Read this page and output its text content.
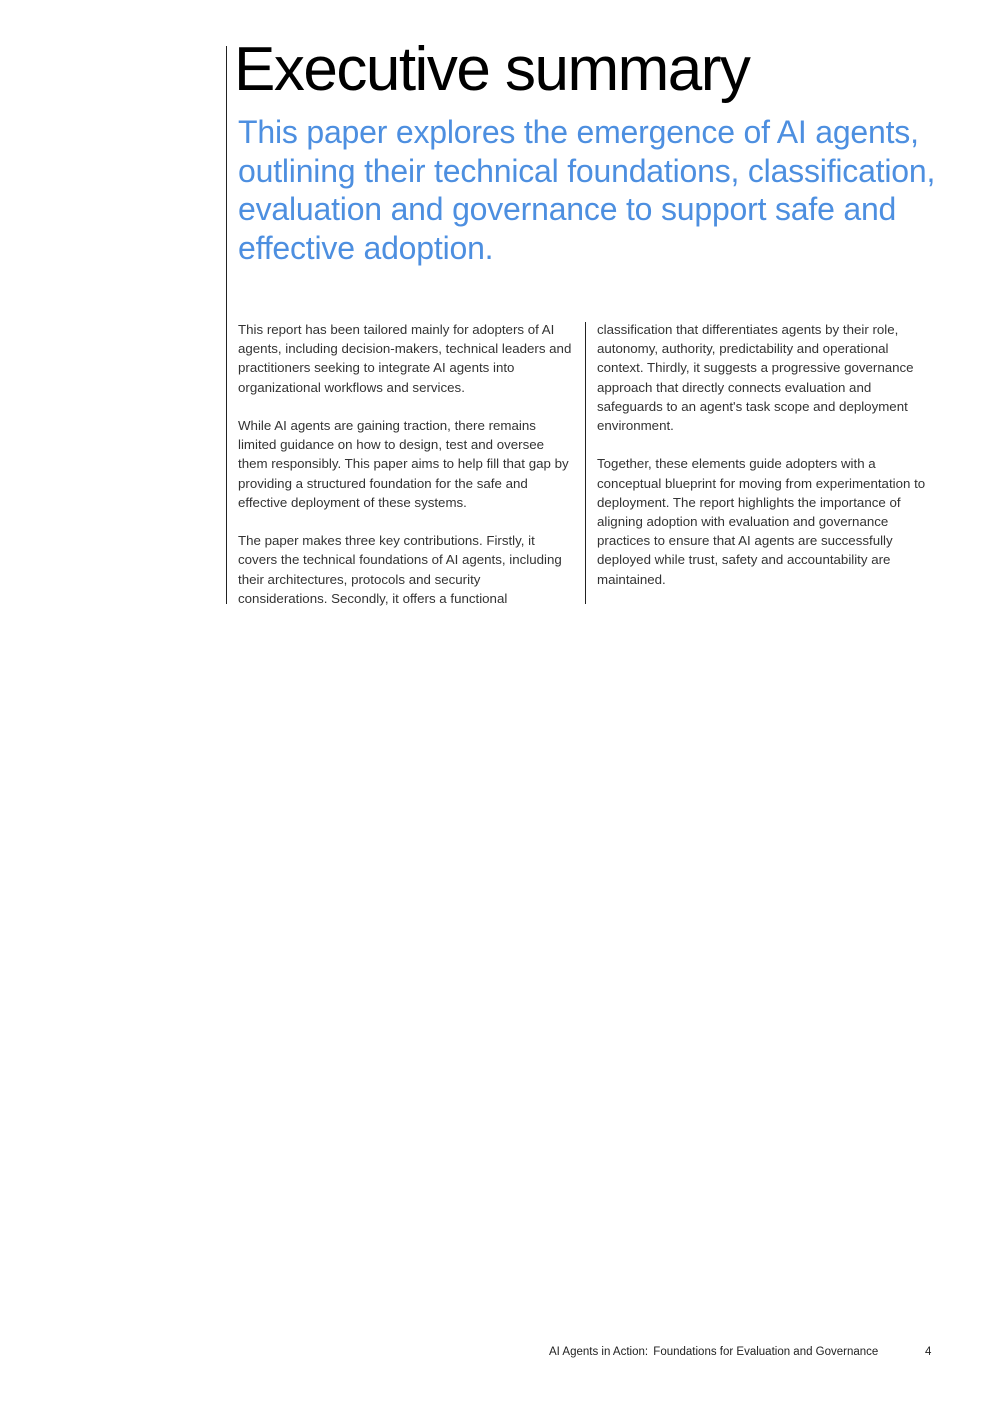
Executive summary
This paper explores the emergence of AI agents, outlining their technical foundations, classification, evaluation and governance to support safe and effective adoption.

This report has been tailored mainly for adopters of AI agents, including decision-makers, technical leaders and practitioners seeking to integrate AI agents into organizational workflows and services.

While AI agents are gaining traction, there remains limited guidance on how to design, test and oversee them responsibly. This paper aims to help fill that gap by providing a structured foundation for the safe and effective deployment of these systems.

The paper makes three key contributions. Firstly, it covers the technical foundations of AI agents, including their architectures, protocols and security considerations. Secondly, it offers a functional

classification that differentiates agents by their role, autonomy, authority, predictability and operational context. Thirdly, it suggests a progressive governance approach that directly connects evaluation and safeguards to an agent's task scope and deployment environment.

Together, these elements guide adopters with a conceptual blueprint for moving from experimentation to deployment. The report highlights the importance of aligning adoption with evaluation and governance practices to ensure that AI agents are successfully deployed while trust, safety and accountability are maintained.

AI Agents in Action: Foundations for Evaluation and Governance	4
